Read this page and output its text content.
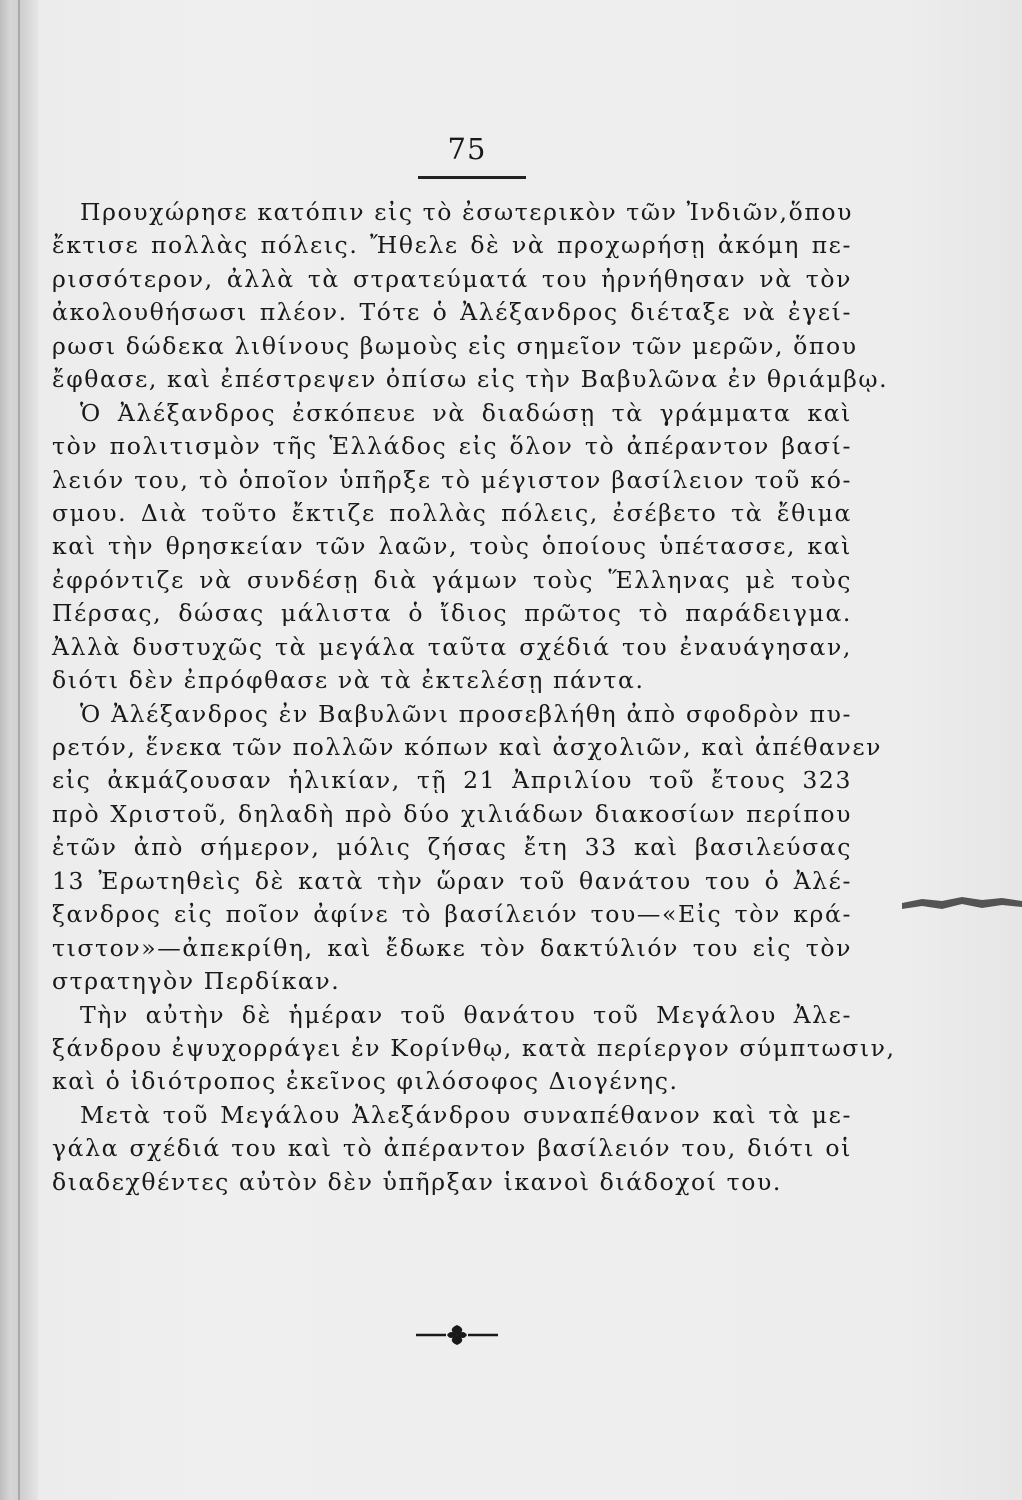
75
Προυχώρησε κατόπιν εἰς τὸ ἐσωτερικὸν τῶν Ἰνδιῶν,ὅπου
ἔκτισε πολλὰς πόλεις. Ἤθελε δὲ νὰ προχωρήσῃ ἀκόμη πε-
ρισσότερον, ἀλλὰ τὰ στρατεύματά του ἠρνήθησαν νὰ τὸν
ἀκολουθήσωσι πλέον. Τότε ὁ Ἀλέξανδρος διέταξε νὰ ἐγεί-
ρωσι δώδεκα λιθίνους βωμοὺς εἰς σημεῖον τῶν μερῶν, ὅπου
ἔφθασε, καὶ ἐπέστρεψεν ὀπίσω εἰς τὴν Βαβυλῶνα ἐν θριάμβῳ.
Ὁ Ἀλέξανδρος ἐσκόπευε νὰ διαδώσῃ τὰ γράμματα καὶ
τὸν πολιτισμὸν τῆς Ἑλλάδος εἰς ὅλον τὸ ἀπέραντον βασί-
λειόν του, τὸ ὁποῖον ὑπῆρξε τὸ μέγιστον βασίλειον τοῦ κό-
σμου. Διὰ τοῦτο ἔκτιζε πολλὰς πόλεις, ἐσέβετο τὰ ἔθιμα
καὶ τὴν θρησκείαν τῶν λαῶν, τοὺς ὁποίους ὑπέτασσε, καὶ
ἐφρόντιζε νὰ συνδέσῃ διὰ γάμων τοὺς Ἕλληνας μὲ τοὺς
Πέρσας, δώσας μάλιστα ὁ ἴδιος πρῶτος τὸ παράδειγμα.
Ἀλλὰ δυστυχῶς τὰ μεγάλα ταῦτα σχέδιά του ἐναυάγησαν,
διότι δὲν ἐπρόφθασε νὰ τὰ ἐκτελέσῃ πάντα.
Ὁ Ἀλέξανδρος ἐν Βαβυλῶνι προσεβλήθη ἀπὸ σφοδρὸν πυ-
ρετόν, ἕνεκα τῶν πολλῶν κόπων καὶ ἀσχολιῶν, καὶ ἀπέθανεν
εἰς ἀκμάζουσαν ἡλικίαν, τῇ 21 Ἀπριλίου τοῦ ἔτους 323
πρὸ Χριστοῦ, δηλαδὴ πρὸ δύο χιλιάδων διακοσίων περίπου
ἐτῶν ἀπὸ σήμερον, μόλις ζήσας ἔτη 33 καὶ βασιλεύσας
13 Ἐρωτηθεὶς δὲ κατὰ τὴν ὥραν τοῦ θανάτου του ὁ Ἀλέ-
ξανδρος εἰς ποῖον ἀφίνε τὸ βασίλειόν του—«Εἰς τὸν κρά-
τιστον»—ἀπεκρίθη, καὶ ἔδωκε τὸν δακτύλιόν του εἰς τὸν
στρατηγὸν Περδίκαν.
Τὴν αὐτὴν δὲ ἡμέραν τοῦ θανάτου τοῦ Μεγάλου Ἀλε-
ξάνδρου ἐψυχορράγει ἐν Κορίνθῳ, κατὰ περίεργον σύμπτωσιν,
καὶ ὁ ἰδιότροπος ἐκεῖνος φιλόσοφος Διογένης.
Μετὰ τοῦ Μεγάλου Ἀλεξάνδρου συναπέθανον καὶ τὰ με-
γάλα σχέδιά του καὶ τὸ ἀπέραντον βασίλειόν του, διότι οἱ
διαδεχθέντες αὐτὸν δὲν ὑπῆρξαν ἱκανοὶ διάδοχοί του.
